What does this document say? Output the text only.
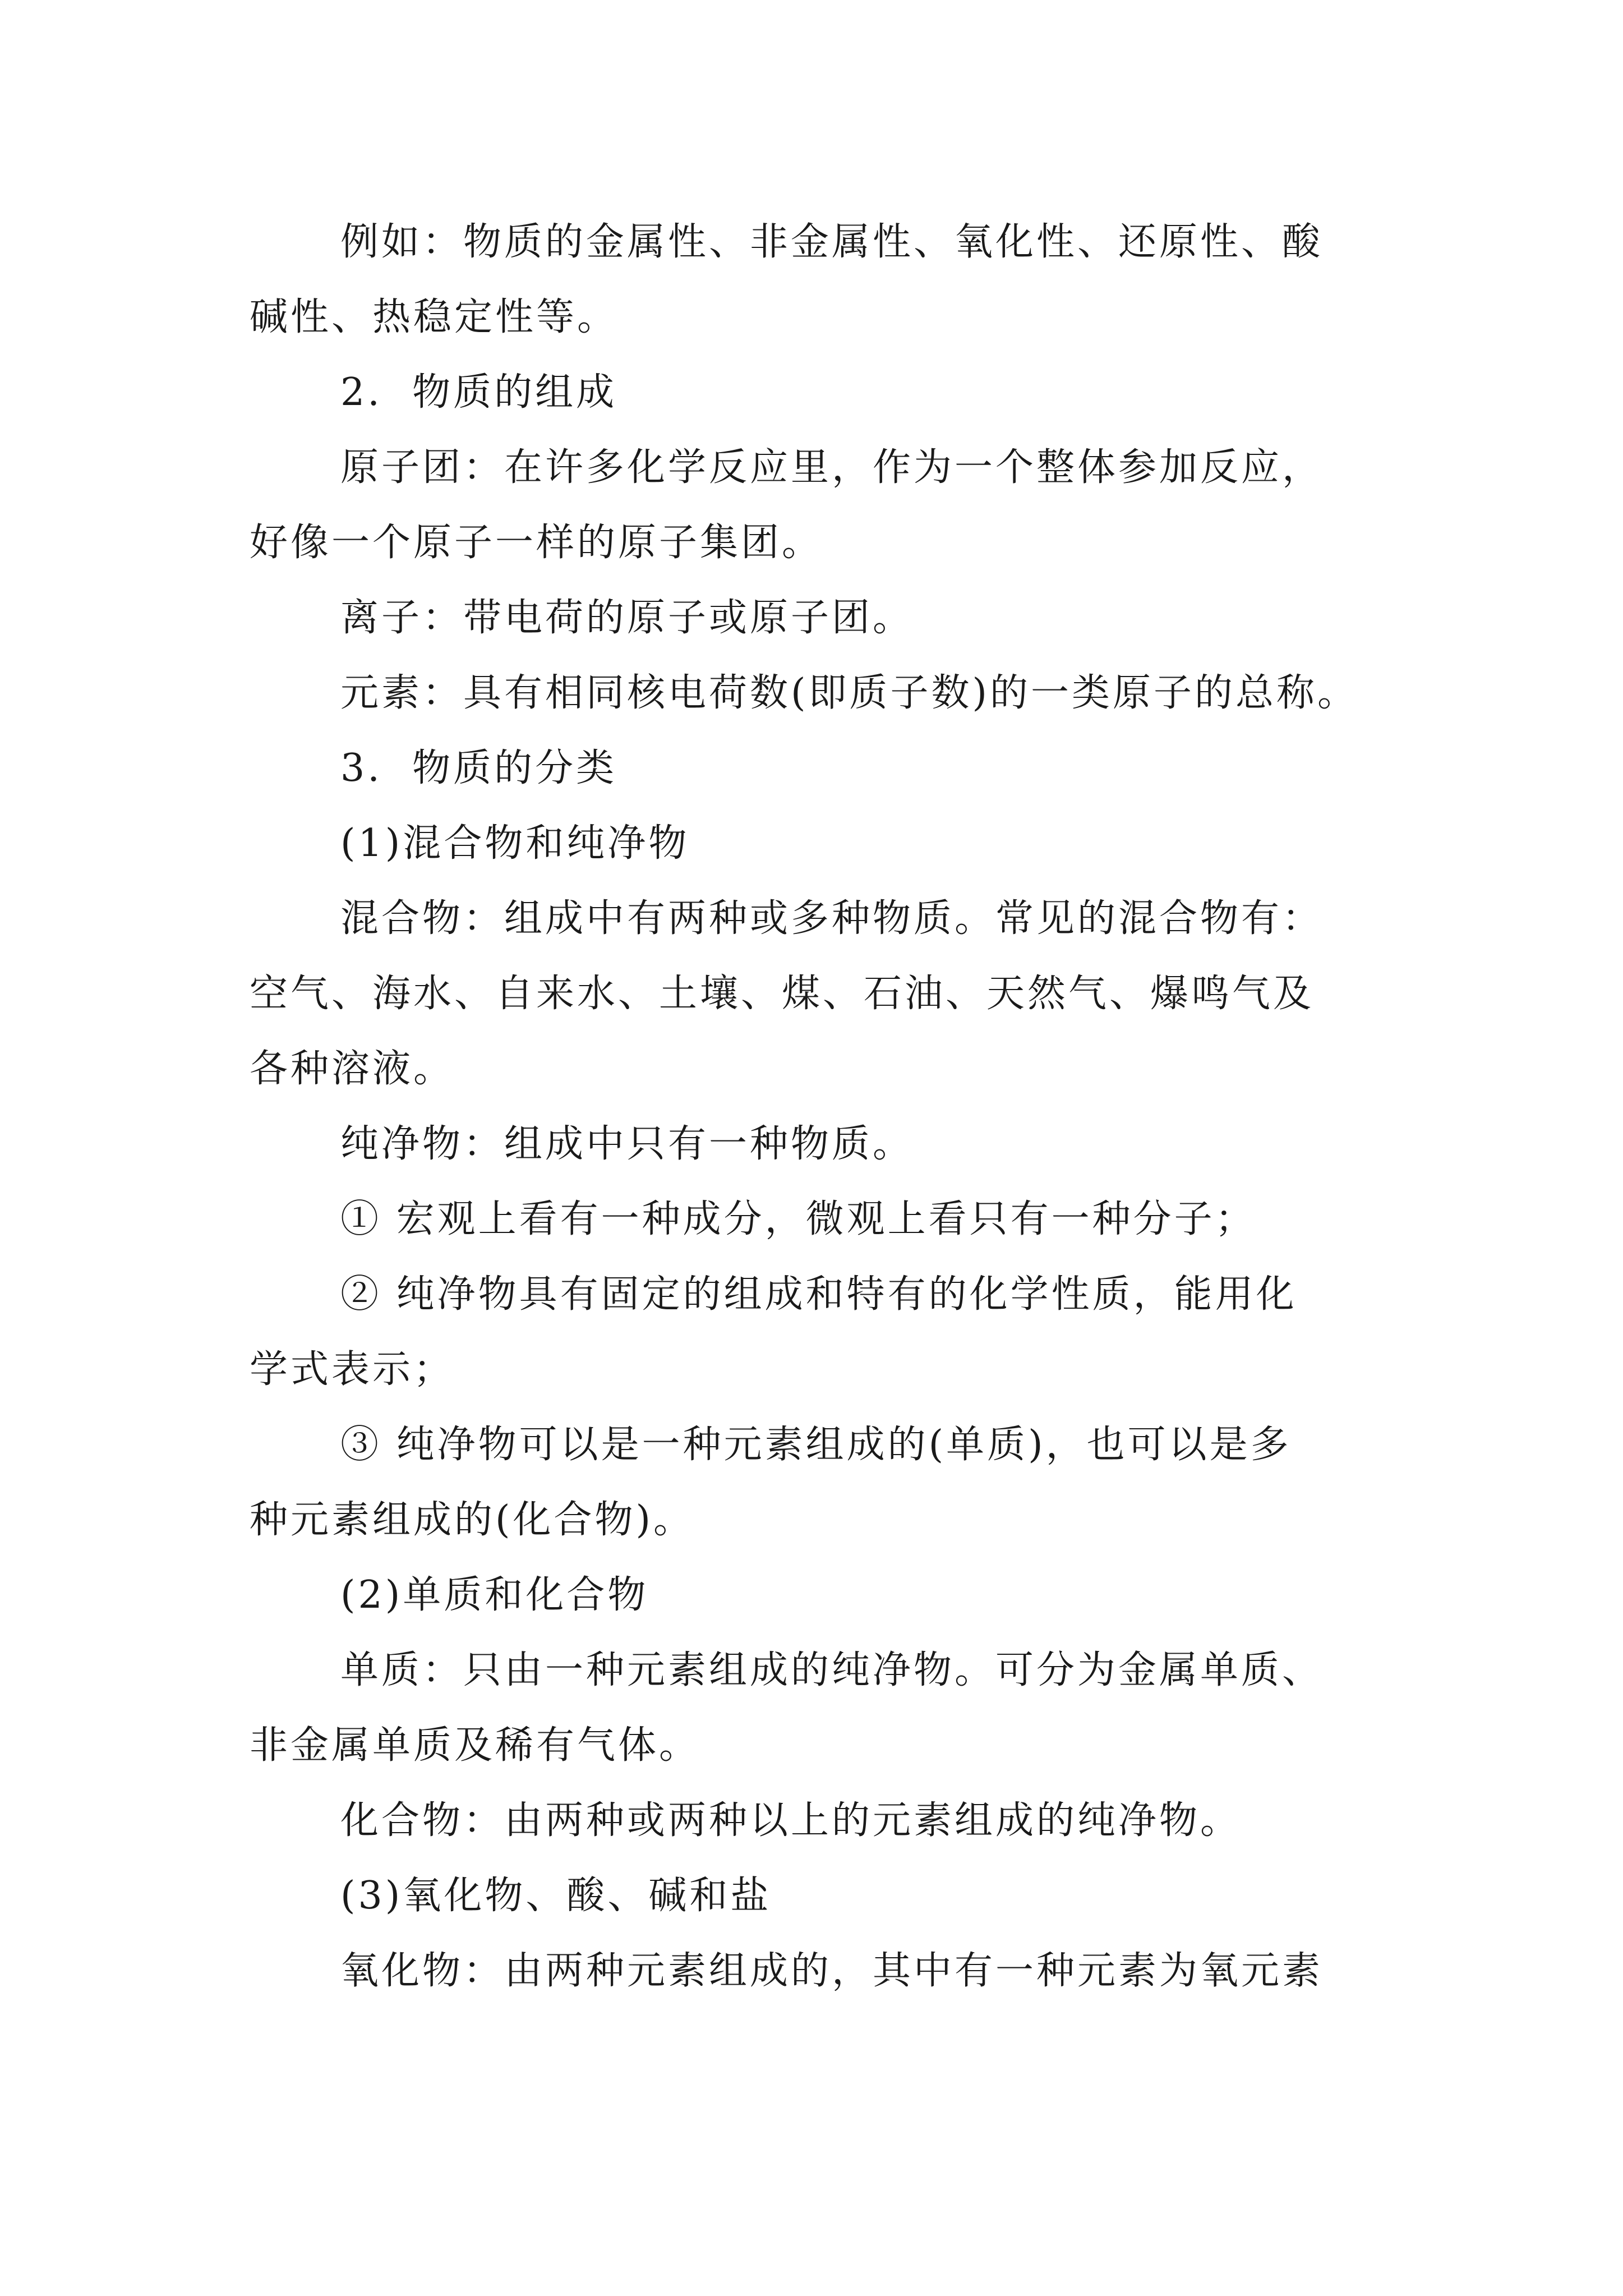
例如：物质的金属性、非金属性、氧化性、还原性、酸

碱性、热稳定性等。

2.  物质的组成

原子团：在许多化学反应里，作为一个整体参加反应，

好像一个原子一样的原子集团。

离子：带电荷的原子或原子团。

元素：具有相同核电荷数(即质子数)的一类原子的总称。

3.  物质的分类

(1)混合物和纯净物

混合物：组成中有两种或多种物质。常见的混合物有：

空气、海水、自来水、土壤、煤、石油、天然气、爆鸣气及

各种溶液。

纯净物：组成中只有一种物质。

① 宏观上看有一种成分，微观上看只有一种分子；

② 纯净物具有固定的组成和特有的化学性质，能用化

学式表示；

③ 纯净物可以是一种元素组成的(单质)，也可以是多

种元素组成的(化合物)。

(2)单质和化合物

单质：只由一种元素组成的纯净物。可分为金属单质、

非金属单质及稀有气体。

化合物：由两种或两种以上的元素组成的纯净物。

(3)氧化物、酸、碱和盐

氧化物：由两种元素组成的，其中有一种元素为氧元素
